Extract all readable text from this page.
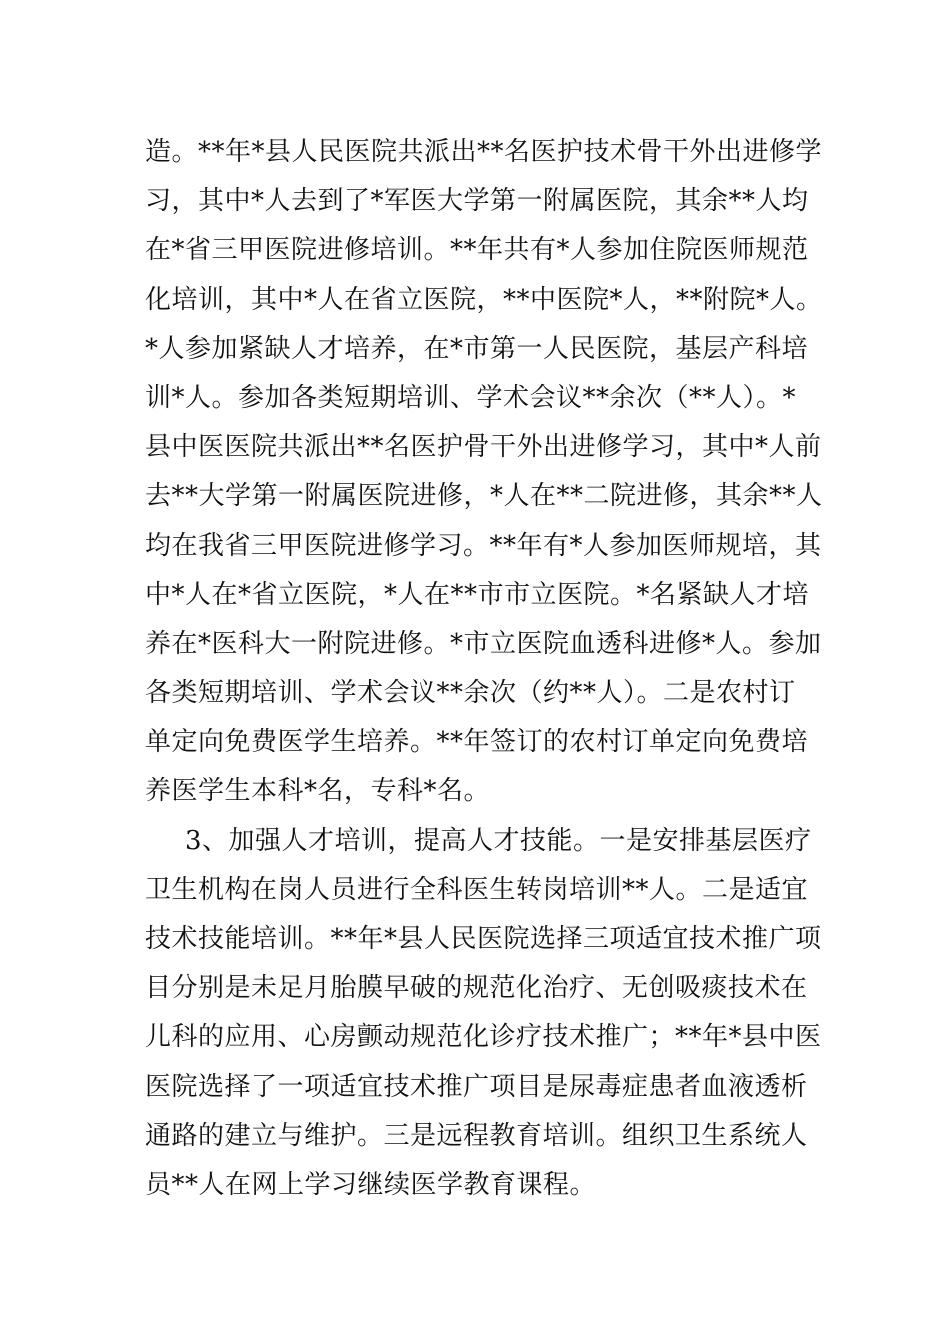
造。**年*县人民医院共派出**名医护技术骨干外出进修学
习，其中*人去到了*军医大学第一附属医院，其余**人均
在*省三甲医院进修培训。**年共有*人参加住院医师规范
化培训，其中*人在省立医院，**中医院*人，**附院*人。
*人参加紧缺人才培养，在*市第一人民医院，基层产科培
训*人。参加各类短期培训、学术会议**余次（**人）。*
县中医医院共派出**名医护骨干外出进修学习，其中*人前
去**大学第一附属医院进修，*人在**二院进修，其余**人
均在我省三甲医院进修学习。**年有*人参加医师规培，其
中*人在*省立医院，*人在**市市立医院。*名紧缺人才培
养在*医科大一附院进修。*市立医院血透科进修*人。参加
各类短期培训、学术会议**余次（约**人）。二是农村订
单定向免费医学生培养。**年签订的农村订单定向免费培
养医学生本科*名，专科*名。
3、加强人才培训，提高人才技能。一是安排基层医疗
卫生机构在岗人员进行全科医生转岗培训**人。二是适宜
技术技能培训。**年*县人民医院选择三项适宜技术推广项
目分别是未足月胎膜早破的规范化治疗、无创吸痰技术在
儿科的应用、心房颤动规范化诊疗技术推广；**年*县中医
医院选择了一项适宜技术推广项目是尿毒症患者血液透析
通路的建立与维护。三是远程教育培训。组织卫生系统人
员**人在网上学习继续医学教育课程。
